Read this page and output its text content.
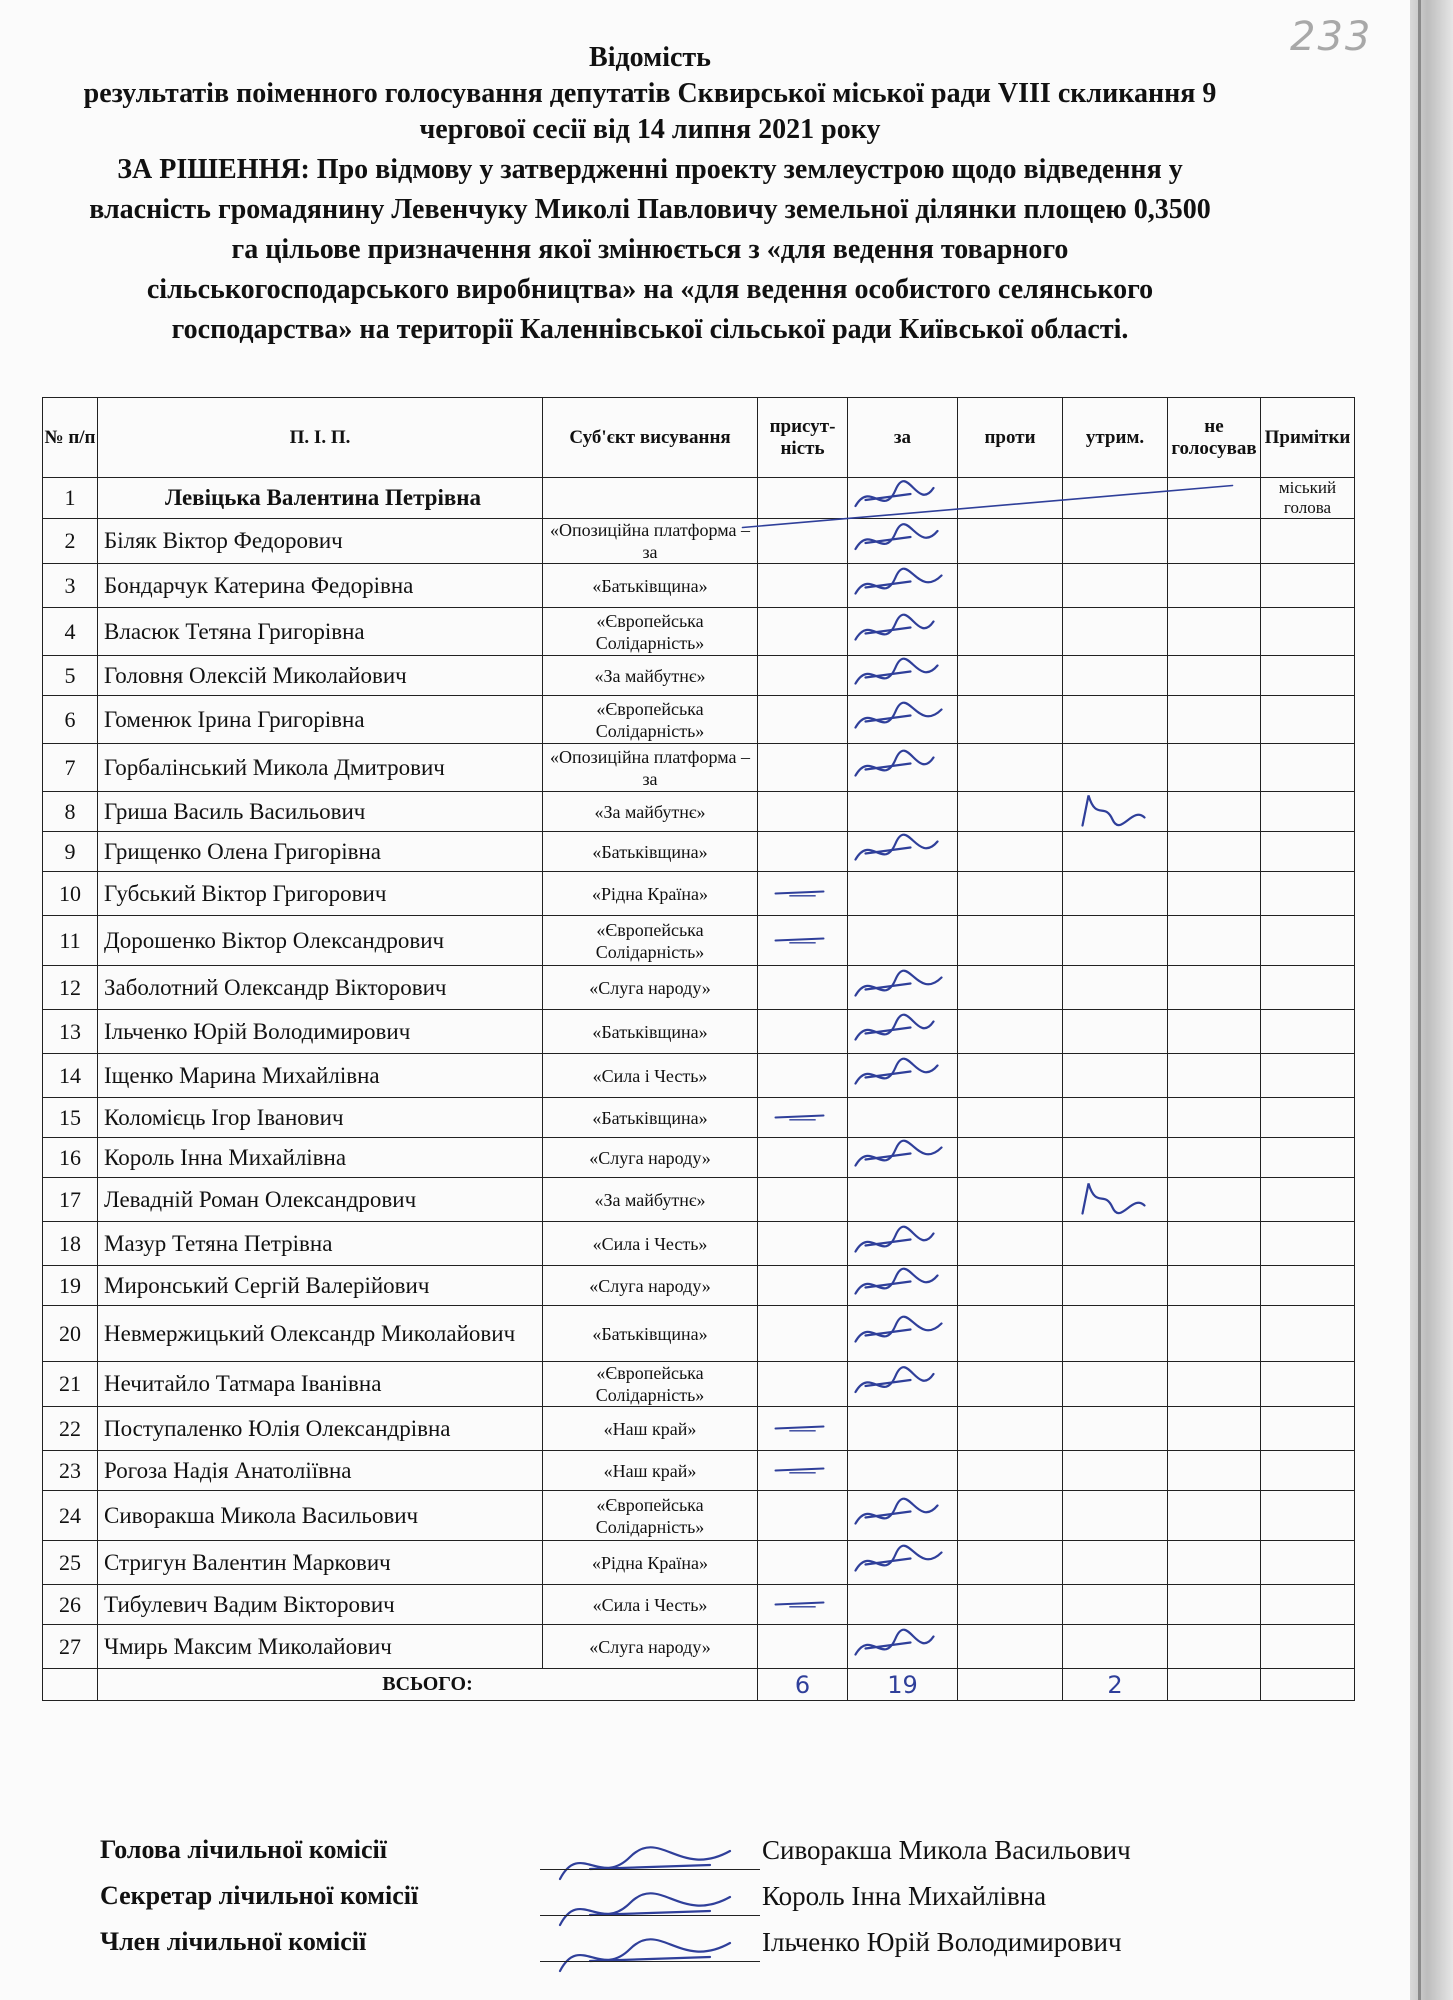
233
Відомість
результатів поіменного голосування депутатів Сквирської міської ради VIII скликання 9
чергової сесії від 14 липня 2021 року
ЗА РІШЕННЯ: Про відмову у затвердженні проекту землеустрою щодо відведення у
власність громадянину Левенчуку Миколі Павловичу земельної ділянки площею 0,3500
га цільове призначення якої змінюється з «для ведення товарного
сільськогосподарського виробництва» на «для ведення особистого селянського
господарства» на території Каленнівської сільської ради Київської області.
№ п/п	П. І. П.	Суб'єкт висування	присут-ність	за	проти	утрим.	не голосував	Примітки
1	Левіцька Валентина Петрівна							міський голова
2	Біляк Віктор Федорович	«Опозиційна платформа – за						
3	Бондарчук Катерина Федорівна	«Батьківщина»						
4	Власюк Тетяна Григорівна	«Європейська Солідарність»						
5	Головня Олексій Миколайович	«За майбутнє»						
6	Гоменюк Ірина Григорівна	«Європейська Солідарність»						
7	Горбалінський Микола Дмитрович	«Опозиційна платформа – за						
8	Гриша Василь Васильович	«За майбутнє»						
9	Грищенко Олена Григорівна	«Батьківщина»						
10	Губський Віктор Григорович	«Рідна Країна»	—					
11	Дорошенко Віктор Олександрович	«Європейська Солідарність»	—					
12	Заболотний Олександр Вікторович	«Слуга народу»						
13	Ільченко Юрій Володимирович	«Батьківщина»						
14	Іщенко Марина Михайлівна	«Сила і Честь»						
15	Коломієць Ігор Іванович	«Батьківщина»	—					
16	Король Інна Михайлівна	«Слуга народу»						
17	Левадній Роман Олександрович	«За майбутнє»						
18	Мазур Тетяна Петрівна	«Сила і Честь»						
19	Миронський Сергій Валерійович	«Слуга народу»						
20	Невмержицький Олександр Миколайович	«Батьківщина»						
21	Нечитайло Татмара Іванівна	«Європейська Солідарність»						
22	Поступаленко Юлія Олександрівна	«Наш край»	—					
23	Рогоза Надія Анатоліївна	«Наш край»	—					
24	Сиворакша Микола Васильович	«Європейська Солідарність»						
25	Стригун Валентин Маркович	«Рідна Країна»						
26	Тибулевич Вадим Вікторович	«Сила і Честь»	—					
27	Чмирь Максим Миколайович	«Слуга народу»						
	ВСЬОГО:		6	19		2		
Голова лічильної комісії	Сиворакша Микола Васильович
Секретар лічильної комісії	Король Інна Михайлівна
Член лічильної комісії	Ільченко Юрій Володимирович
